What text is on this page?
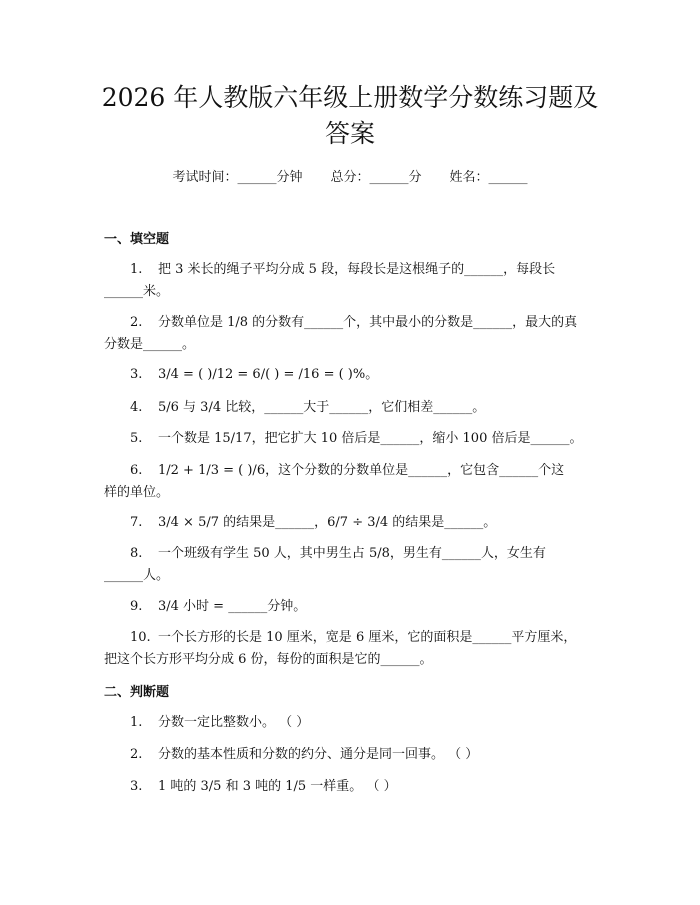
2026 年人教版六年级上册数学分数练习题及
答案
考试时间：______分钟 总分：______分 姓名：______
一、填空题
1. 把 3 米长的绳子平均分成 5 段，每段长是这根绳子的______，每段长
______米。
2. 分数单位是 1/8 的分数有______个，其中最小的分数是______，最大的真
分数是______。
3. 3/4 = ( )/12 = 6/( ) = /16 = ( )%。
4. 5/6 与 3/4 比较，______大于______，它们相差______。
5. 一个数是 15/17，把它扩大 10 倍后是______，缩小 100 倍后是______。
6. 1/2 + 1/3 = ( )/6，这个分数的分数单位是______，它包含______个这
样的单位。
7. 3/4 × 5/7 的结果是______，6/7 ÷ 3/4 的结果是______。
8. 一个班级有学生 50 人，其中男生占 5/8，男生有______人，女生有
______人。
9. 3/4 小时 = ______分钟。
10. 一个长方形的长是 10 厘米，宽是 6 厘米，它的面积是______平方厘米，
把这个长方形平均分成 6 份，每份的面积是它的______。
二、判断题
1. 分数一定比整数小。 （ ）
2. 分数的基本性质和分数的约分、通分是同一回事。 （ ）
3. 1 吨的 3/5 和 3 吨的 1/5 一样重。 （ ）
